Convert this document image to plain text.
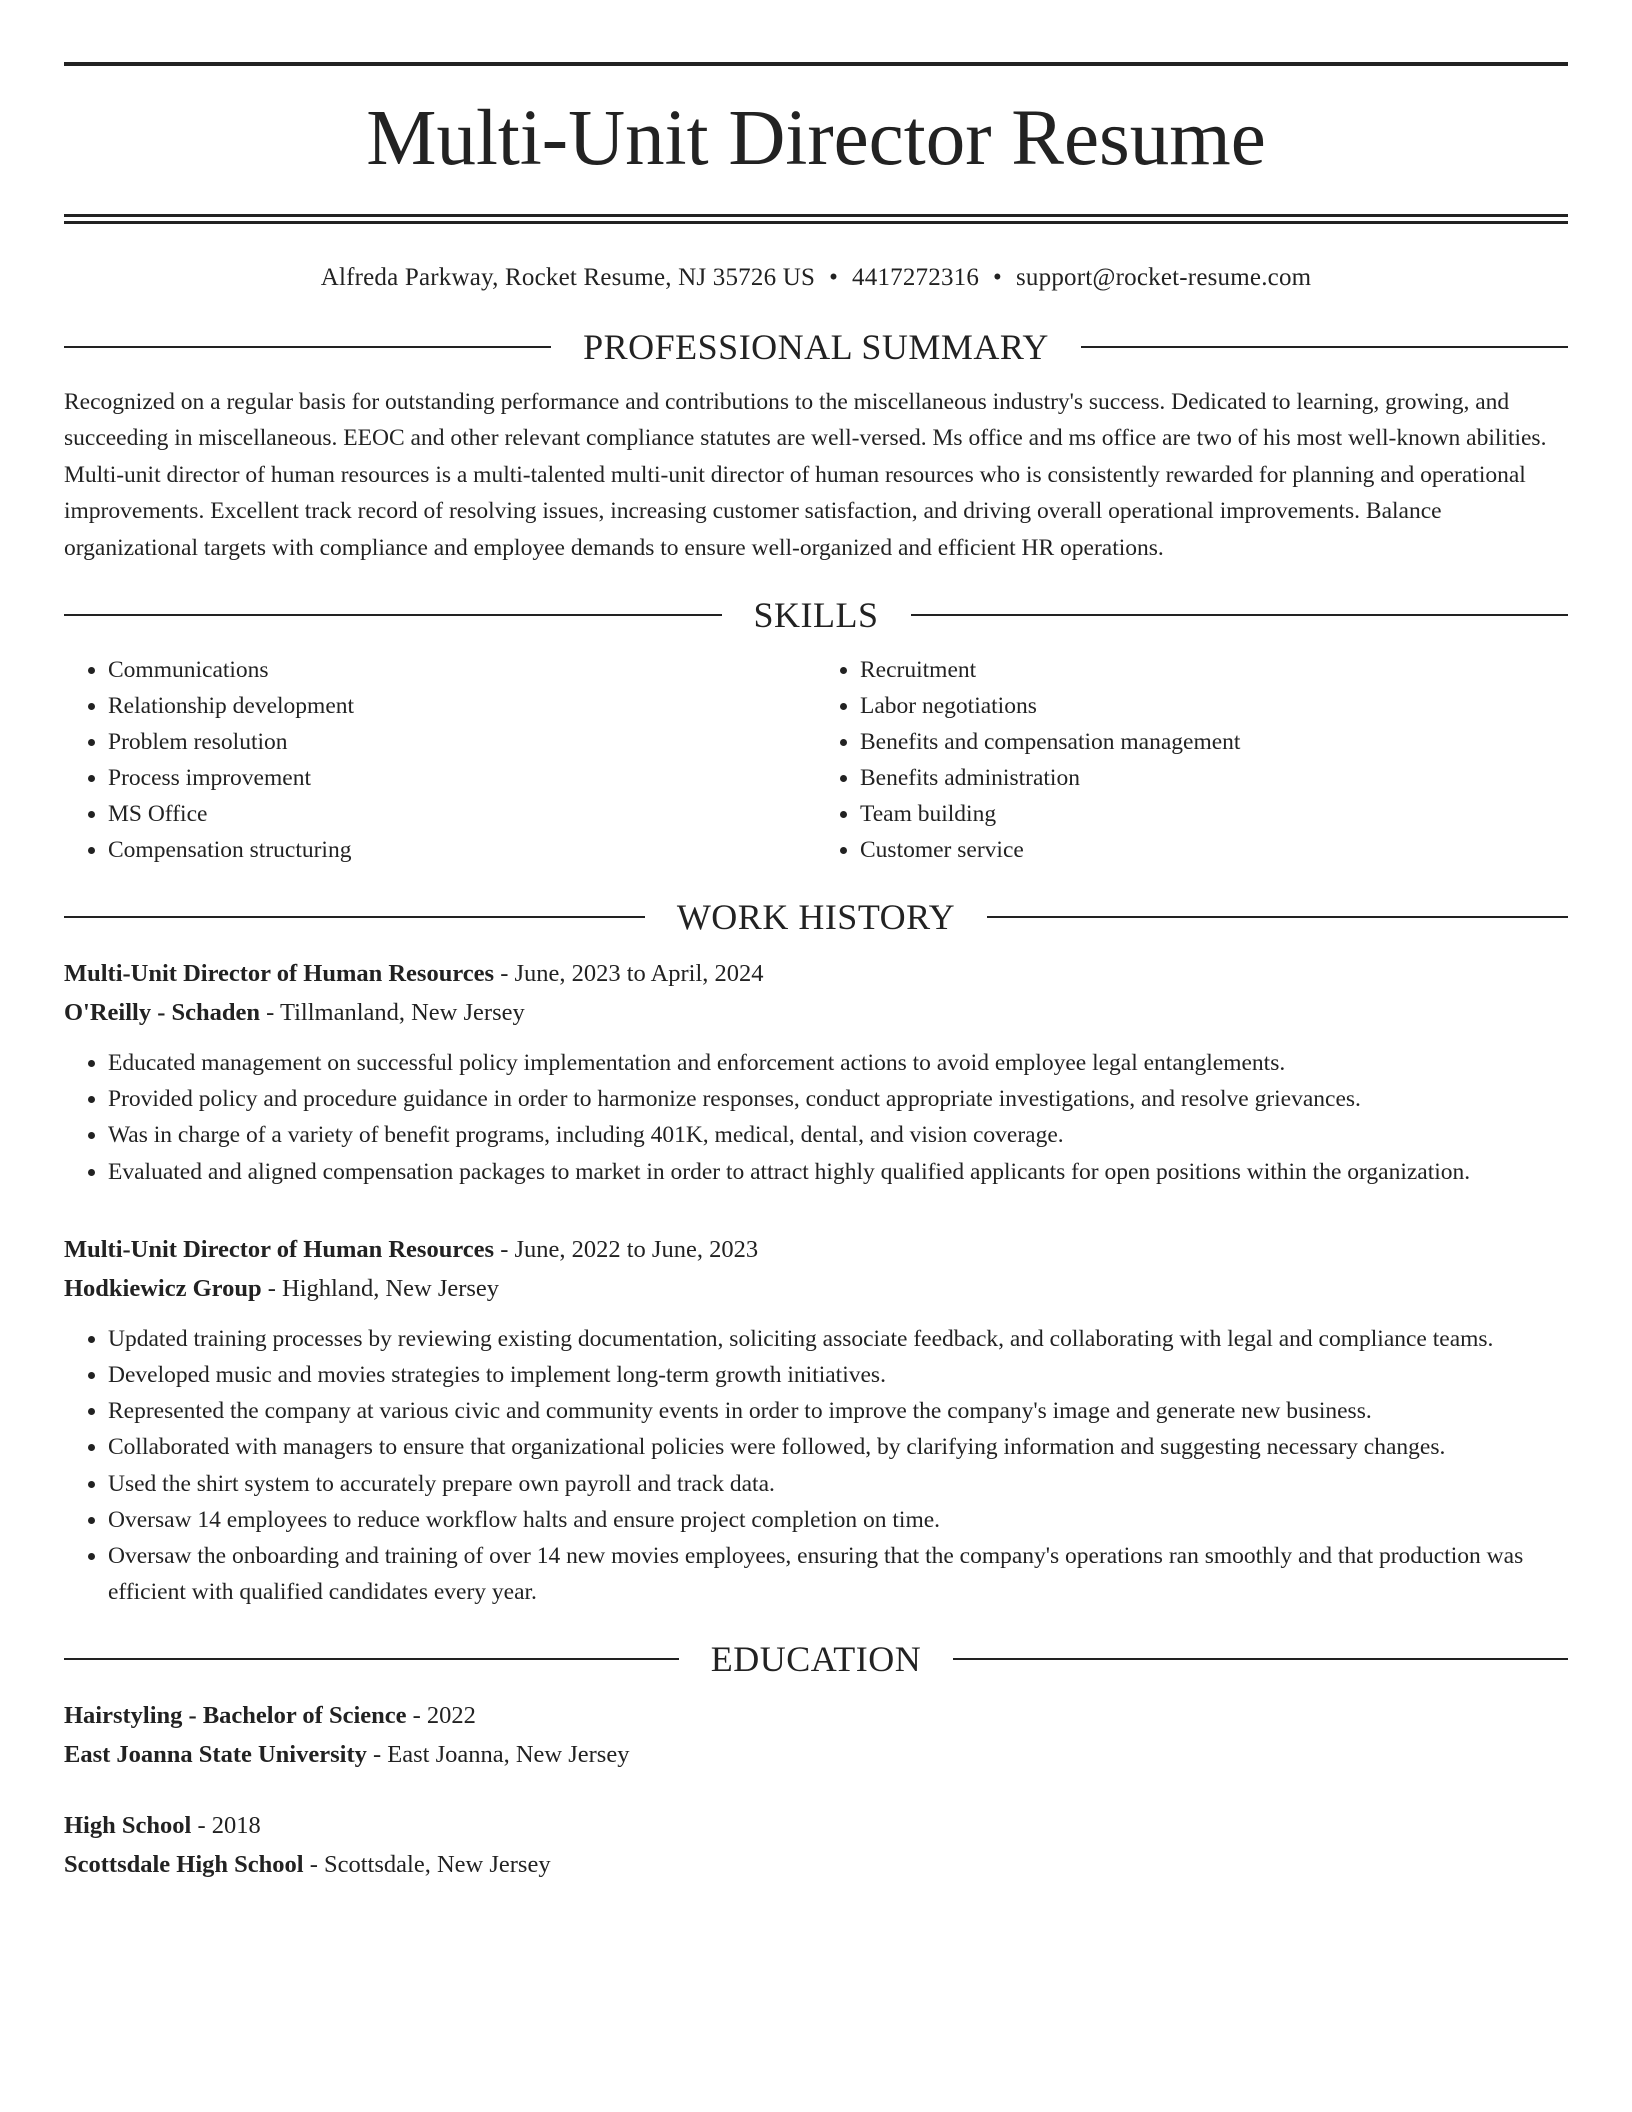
Multi-Unit Director Resume
Alfreda Parkway, Rocket Resume, NJ 35726 US • 4417272316 • support@rocket-resume.com
PROFESSIONAL SUMMARY

Recognized on a regular basis for outstanding performance and contributions to the miscellaneous industry's success. Dedicated to learning, growing, and succeeding in miscellaneous. EEOC and other relevant compliance statutes are well-versed. Ms office and ms office are two of his most well-known abilities. Multi-unit director of human resources is a multi-talented multi-unit director of human resources who is consistently rewarded for planning and operational improvements. Excellent track record of resolving issues, increasing customer satisfaction, and driving overall operational improvements. Balance organizational targets with compliance and employee demands to ensure well-organized and efficient HR operations.

SKILLS
• Communications
• Relationship development
• Problem resolution
• Process improvement
• MS Office
• Compensation structuring
• Recruitment
• Labor negotiations
• Benefits and compensation management
• Benefits administration
• Team building
• Customer service
WORK HISTORY
Multi-Unit Director of Human Resources - June, 2023 to April, 2024
O'Reilly - Schaden - Tillmanland, New Jersey
• Educated management on successful policy implementation and enforcement actions to avoid employee legal entanglements.
• Provided policy and procedure guidance in order to harmonize responses, conduct appropriate investigations, and resolve grievances.
• Was in charge of a variety of benefit programs, including 401K, medical, dental, and vision coverage.
• Evaluated and aligned compensation packages to market in order to attract highly qualified applicants for open positions within the organization.
Multi-Unit Director of Human Resources - June, 2022 to June, 2023
Hodkiewicz Group - Highland, New Jersey
• Updated training processes by reviewing existing documentation, soliciting associate feedback, and collaborating with legal and compliance teams.
• Developed music and movies strategies to implement long-term growth initiatives.
• Represented the company at various civic and community events in order to improve the company's image and generate new business.
• Collaborated with managers to ensure that organizational policies were followed, by clarifying information and suggesting necessary changes.
• Used the shirt system to accurately prepare own payroll and track data.
• Oversaw 14 employees to reduce workflow halts and ensure project completion on time.
• Oversaw the onboarding and training of over 14 new movies employees, ensuring that the company's operations ran smoothly and that production was efficient with qualified candidates every year.
EDUCATION
Hairstyling - Bachelor of Science - 2022
East Joanna State University - East Joanna, New Jersey
High School - 2018
Scottsdale High School - Scottsdale, New Jersey
